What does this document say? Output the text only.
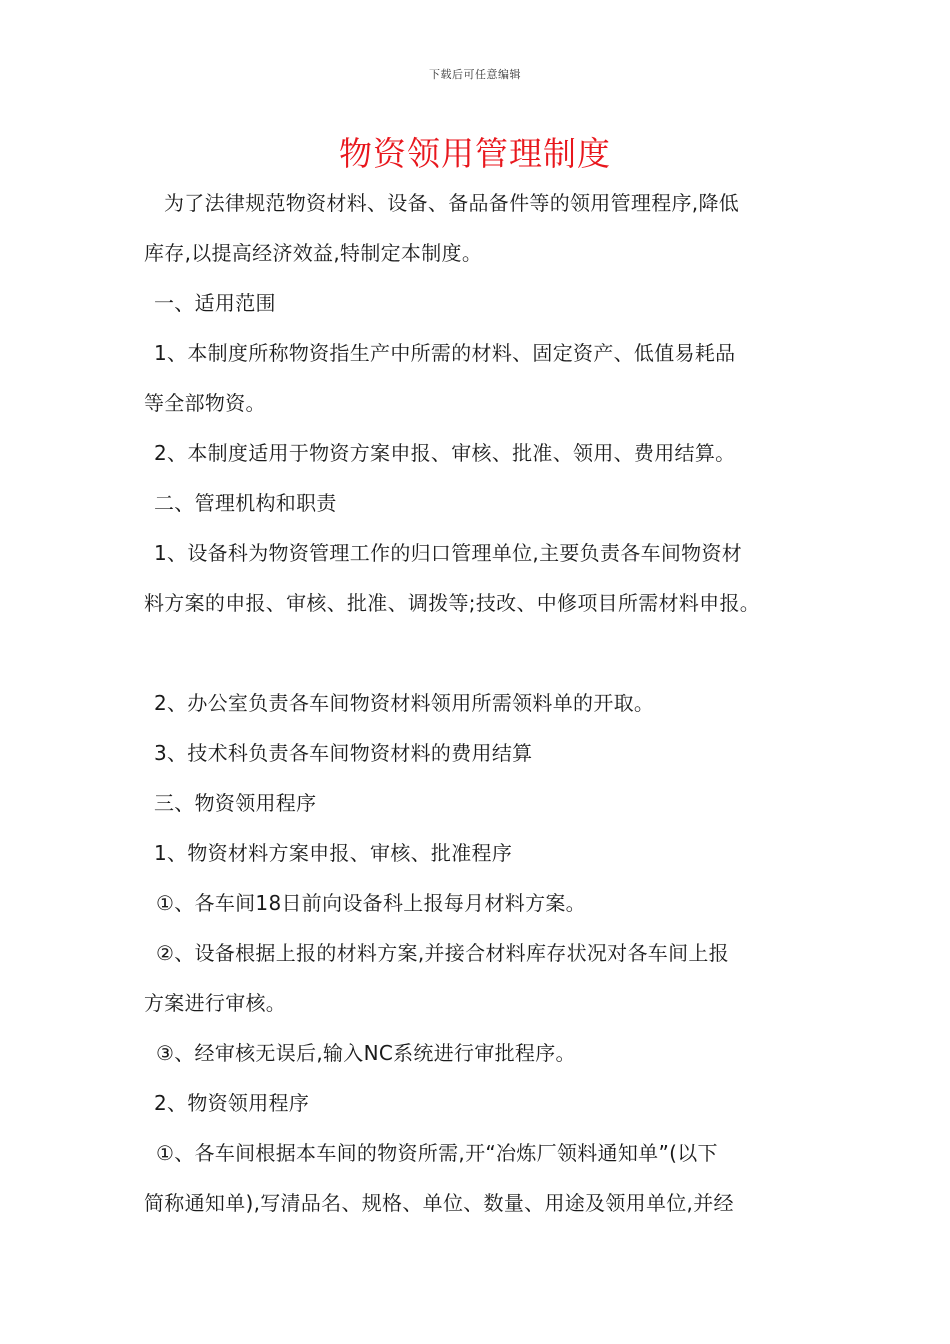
下载后可任意编辑
物资领用管理制度

为了法律规范物资材料、设备、备品备件等的领用管理程序,降低

库存,以提高经济效益,特制定本制度。

一、适用范围

1、本制度所称物资指生产中所需的材料、固定资产、低值易耗品

等全部物资。

2、本制度适用于物资方案申报、审核、批准、领用、费用结算。

二、管理机构和职责

1、设备科为物资管理工作的归口管理单位,主要负责各车间物资材

料方案的申报、审核、批准、调拨等;技改、中修项目所需材料申报。

2、办公室负责各车间物资材料领用所需领料单的开取。

3、技术科负责各车间物资材料的费用结算

三、物资领用程序

1、物资材料方案申报、审核、批准程序

①、各车间18日前向设备科上报每月材料方案。

②、设备根据上报的材料方案,并接合材料库存状况对各车间上报

方案进行审核。

③、经审核无误后,输入NC系统进行审批程序。

2、物资领用程序

①、各车间根据本车间的物资所需,开“冶炼厂领料通知单”(以下

简称通知单),写清品名、规格、单位、数量、用途及领用单位,并经
